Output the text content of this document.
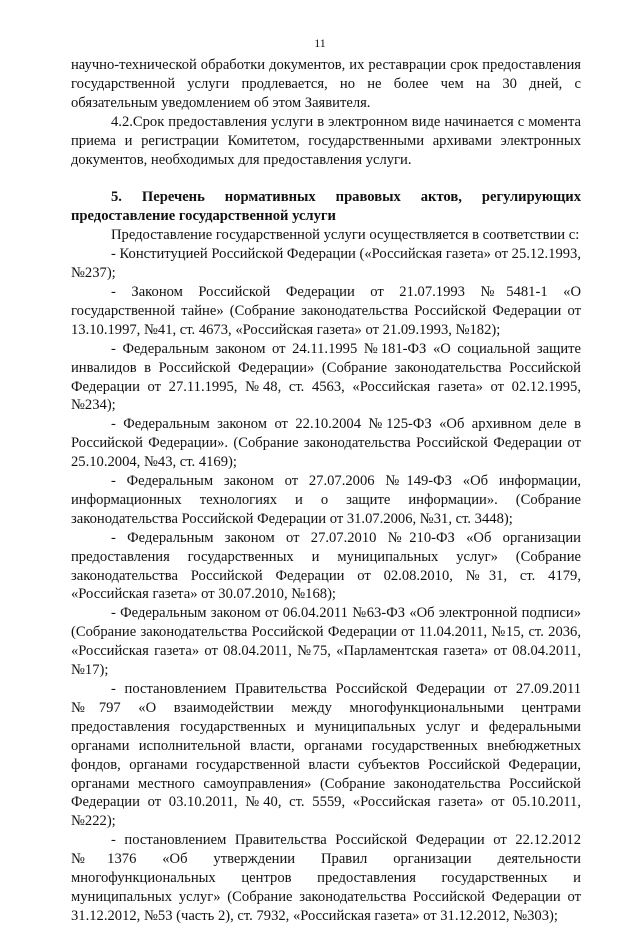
11

научно-технической обработки документов, их реставрации срок предоставления государственной услуги продлевается, но не более чем на 30 дней, с обязательным уведомлением об этом Заявителя.

4.2.Срок предоставления услуги в электронном виде начинается с момента приема и регистрации Комитетом, государственными архивами электронных документов, необходимых для предоставления услуги.

5. Перечень нормативных правовых актов, регулирующих предоставление государственной услуги

Предоставление государственной услуги осуществляется в соответствии с:

- Конституцией Российской Федерации («Российская газета» от 25.12.1993, №237);

- Законом Российской Федерации от 21.07.1993 №5481-1 «О государственной тайне» (Собрание законодательства Российской Федерации от 13.10.1997, №41, ст. 4673, «Российская газета» от 21.09.1993, №182);

- Федеральным законом от 24.11.1995 №181-ФЗ «О социальной защите инвалидов в Российской Федерации» (Собрание законодательства Российской Федерации от 27.11.1995, №48, ст. 4563, «Российская газета» от 02.12.1995, №234);

- Федеральным законом от 22.10.2004 №125-ФЗ «Об архивном деле в Российской Федерации». (Собрание законодательства Российской Федерации от 25.10.2004, №43, ст. 4169);

- Федеральным законом от 27.07.2006 №149-ФЗ «Об информации, информационных технологиях и о защите информации». (Собрание законодательства Российской Федерации от 31.07.2006, №31, ст. 3448);

- Федеральным законом от 27.07.2010 №210-ФЗ «Об организации предоставления государственных и муниципальных услуг» (Собрание законодательства Российской Федерации от 02.08.2010, №31, ст. 4179, «Российская газета» от 30.07.2010, №168);

- Федеральным законом от 06.04.2011 №63-ФЗ «Об электронной подписи» (Собрание законодательства Российской Федерации от 11.04.2011, №15, ст. 2036, «Российская газета» от 08.04.2011, №75, «Парламентская газета» от 08.04.2011, №17);

- постановлением Правительства Российской Федерации от 27.09.2011 №797 «О взаимодействии между многофункциональными центрами предоставления государственных и муниципальных услуг и федеральными органами исполнительной власти, органами государственных внебюджетных фондов, органами государственной власти субъектов Российской Федерации, органами местного самоуправления» (Собрание законодательства Российской Федерации от 03.10.2011, №40, ст. 5559, «Российская газета» от 05.10.2011, №222);

- постановлением Правительства Российской Федерации от 22.12.2012 №1376 «Об утверждении Правил организации деятельности многофункциональных центров предоставления государственных и муниципальных услуг» (Собрание законодательства Российской Федерации от 31.12.2012, №53 (часть 2), ст. 7932, «Российская газета» от 31.12.2012, №303);
